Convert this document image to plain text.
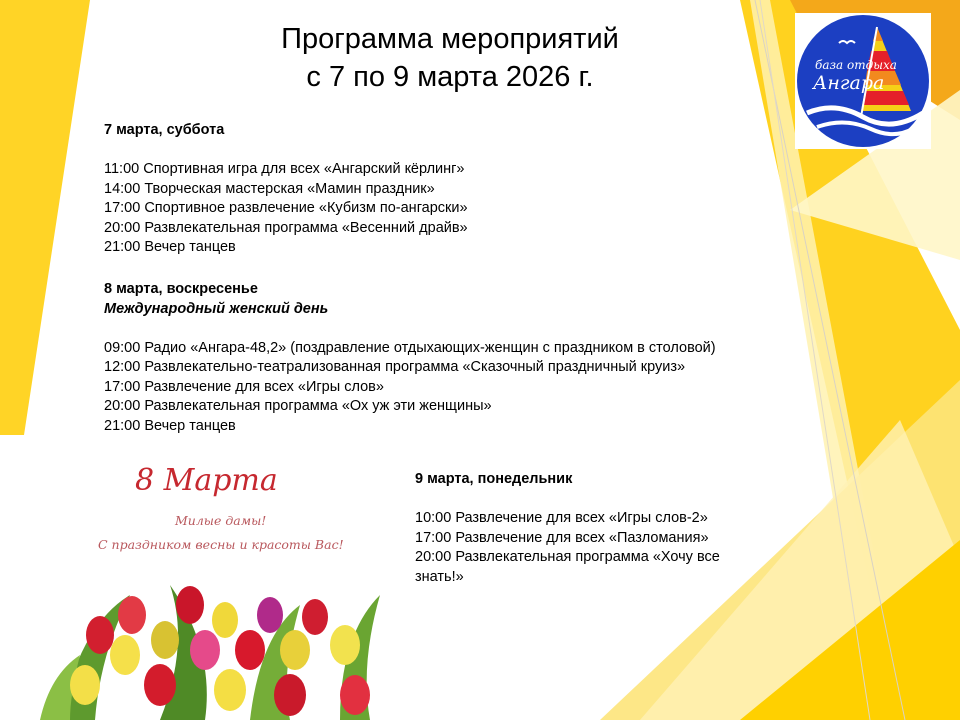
Программа мероприятий
с 7 по 9 марта 2026 г.	база отдыха
Ангара
7 марта, суббота
11:00 Спортивная игра для всех «Ангарский кёрлинг»
14:00 Творческая мастерская «Мамин праздник»
17:00 Спортивное развлечение «Кубизм по-ангарски»
20:00 Развлекательная программа «Весенний драйв»
21:00 Вечер танцев
8 марта, воскресенье
Международный женский день
09:00 Радио «Ангара-48,2» (поздравление отдыхающих-женщин с праздником в столовой)
12:00 Развлекательно-театрализованная программа «Сказочный праздничный круиз»
17:00 Развлечение для всех «Игры слов»
20:00 Развлекательная программа «Ох уж эти женщины»
21:00 Вечер танцев
9 марта, понедельник
10:00 Развлечение для всех «Игры слов-2»
17:00 Развлечение для всех «Пазломания»
20:00 Развлекательная программа «Хочу все знать!»
8 Марта
Милые дамы!
С праздником весны и красоты Вас!
